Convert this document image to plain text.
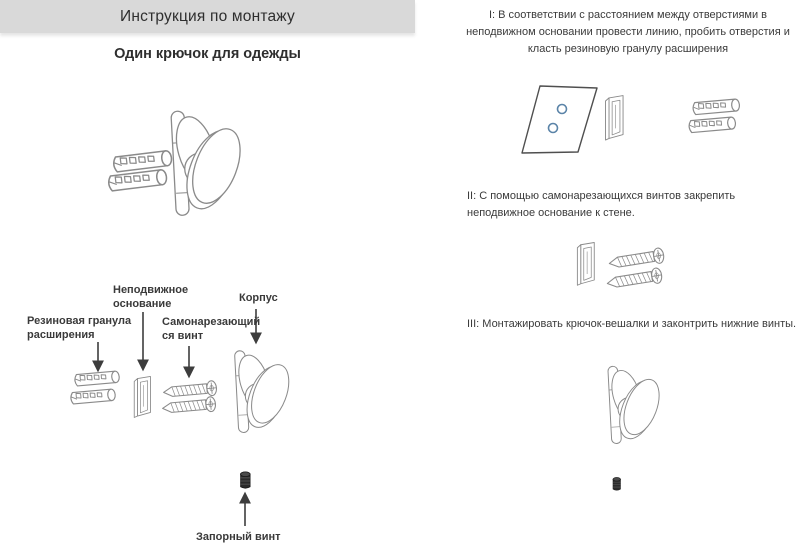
Инструкция по монтажу
Один крючок для одежды
Резиновая гранула
расширения
Неподвижное
основание
Самонарезающий
ся винт
Корпус
Запорный винт
I: В соответствии с расстоянием между отверстиями в неподвижном основании провести линию, пробить отверстия и класть резиновую гранулу расширения
II: С помощью самонарезающихся винтов закрепить неподвижное основание к стене.
III: Монтажировать крючок-вешалки и законтрить нижние винты.
